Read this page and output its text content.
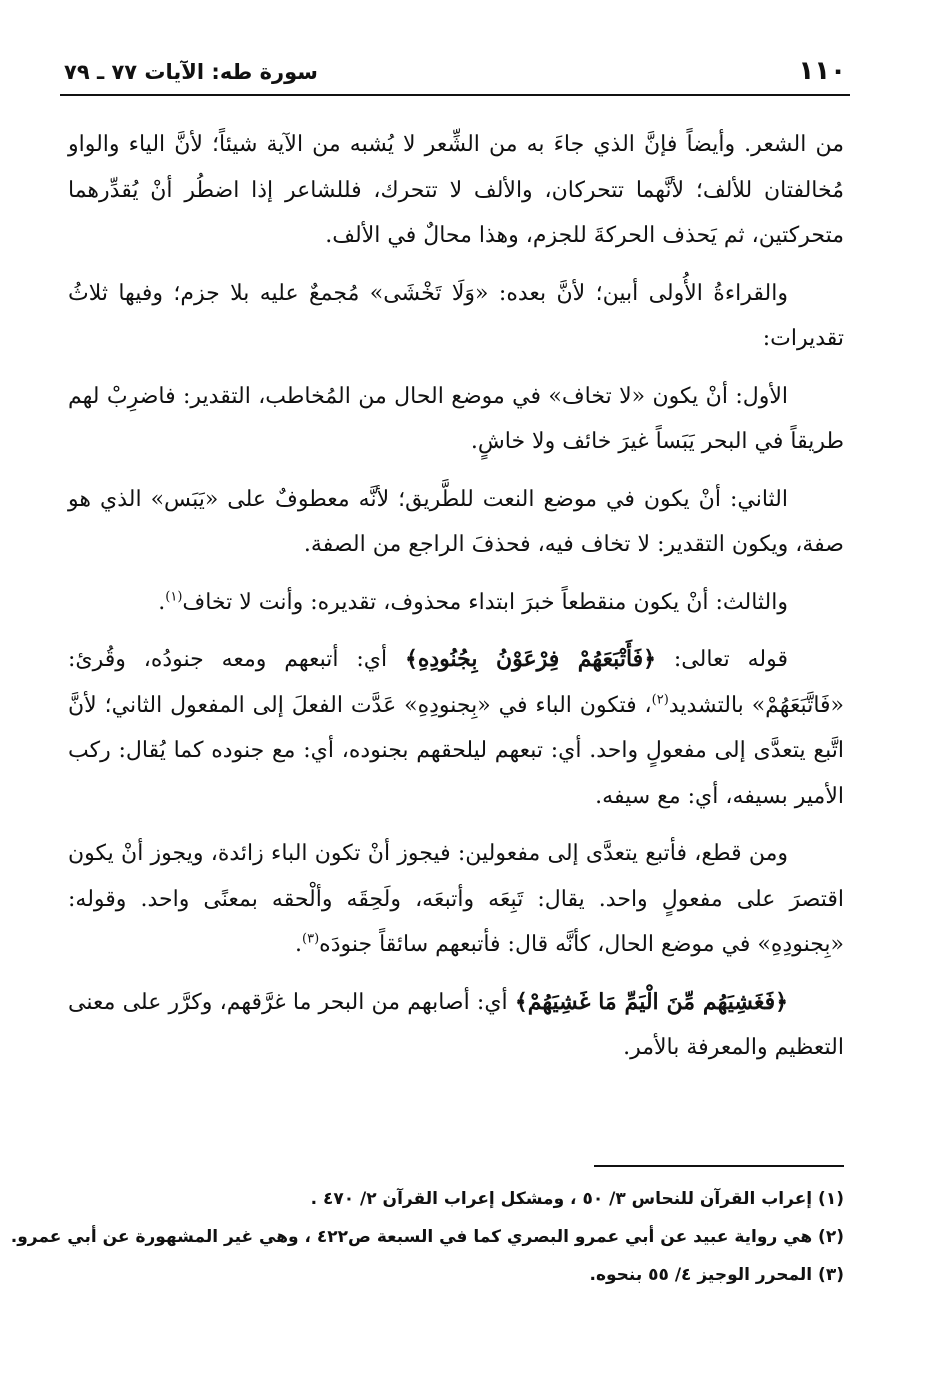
١١٠
سورة طه: الآيات ٧٧ ـ ٧٩

من الشعر. وأيضاً فإنَّ الذي جاءَ به من الشِّعر لا يُشبه من الآية شيئاً؛ لأنَّ الياء والواو مُخالفتان للألف؛ لأنَّهما تتحركان، والألف لا تتحرك، فللشاعر إذا اضطُر أنْ يُقدِّرهما متحركتين، ثم يَحذف الحركةَ للجزم، وهذا محالٌ في الألف.

والقراءةُ الأُولى أبين؛ لأنَّ بعده: «وَلَا تَخْشَى» مُجمعٌ عليه بلا جزم؛ وفيها ثلاثُ تقديرات:

الأول: أنْ يكون «لا تخاف» في موضع الحال من المُخاطب، التقدير: فاضرِبْ لهم طريقاً في البحر يَبَساً غيرَ خائف ولا خاشٍ.

الثاني: أنْ يكون في موضع النعت للطَّريق؛ لأنَّه معطوفٌ على «يَبَس» الذي هو صفة، ويكون التقدير: لا تخاف فيه، فحذفَ الراجع من الصفة.

والثالث: أنْ يكون منقطعاً خبرَ ابتداء محذوف، تقديره: وأنت لا تخاف$^{(١)}$.

قوله تعالى: ﴿فَأَتْبَعَهُمْ فِرْعَوْنُ بِجُنُودِهِ﴾ أي: أتبعهم ومعه جنودُه، وقُرئ: «فَاتَّبَعَهُمْ» بالتشديد$^{(٢)}$، فتكون الباء في «بِجنودِهِ» عَدَّت الفعلَ إلى المفعول الثاني؛ لأنَّ اتَّبع يتعدَّى إلى مفعولٍ واحد. أي: تبعهم ليلحقهم بجنوده، أي: مع جنوده كما يُقال: ركب الأمير بسيفه، أي: مع سيفه.

ومن قطع، فأتبع يتعدَّى إلى مفعولين: فيجوز أنْ تكون الباء زائدة، ويجوز أنْ يكون اقتصرَ على مفعولٍ واحد. يقال: تَبِعَه وأتبعَه، ولَحِقَه وألْحقه بمعنًى واحد. وقوله: «بِجنودِهِ» في موضع الحال، كأنَّه قال: فأتبعهم سائقاً جنودَه$^{(٣)}$.

﴿فَغَشِيَهُم مِّنَ الْيَمِّ مَا غَشِيَهُمْ﴾ أي: أصابهم من البحر ما غرَّقهم، وكرَّر على معنى التعظيم والمعرفة بالأمر.

(١) إعراب القرآن للنحاس ٣/ ٥٠ ، ومشكل إعراب القرآن ٢/ ٤٧٠ .
(٢) هي رواية عبيد عن أبي عمرو البصري كما في السبعة ص٤٢٢ ، وهي غير المشهورة عن أبي عمرو.
(٣) المحرر الوجيز ٤/ ٥٥ بنحوه.
